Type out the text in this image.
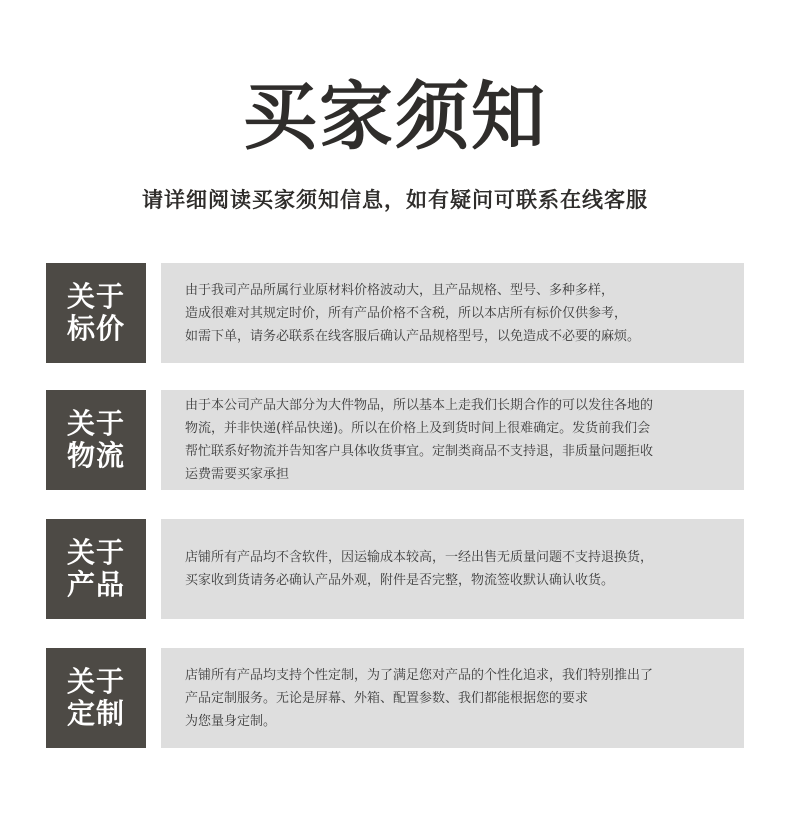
买家须知
请详细阅读买家须知信息，如有疑问可联系在线客服
关于
标价
由于我司产品所属行业原材料价格波动大，且产品规格、型号、多种多样，
造成很难对其规定时价，所有产品价格不含税，所以本店所有标价仅供参考，
如需下单，请务必联系在线客服后确认产品规格型号，以免造成不必要的麻烦。
关于
物流
由于本公司产品大部分为大件物品，所以基本上走我们长期合作的可以发往各地的
物流，并非快递(样品快递)。所以在价格上及到货时间上很难确定。发货前我们会
帮忙联系好物流并告知客户具体收货事宜。定制类商品不支持退，非质量问题拒收
运费需要买家承担
关于
产品
店铺所有产品均不含软件，因运输成本较高，一经出售无质量问题不支持退换货，
买家收到货请务必确认产品外观，附件是否完整，物流签收默认确认收货。
关于
定制
店铺所有产品均支持个性定制，为了满足您对产品的个性化追求，我们特别推出了
产品定制服务。无论是屏幕、外箱、配置参数、我们都能根据您的要求
为您量身定制。
